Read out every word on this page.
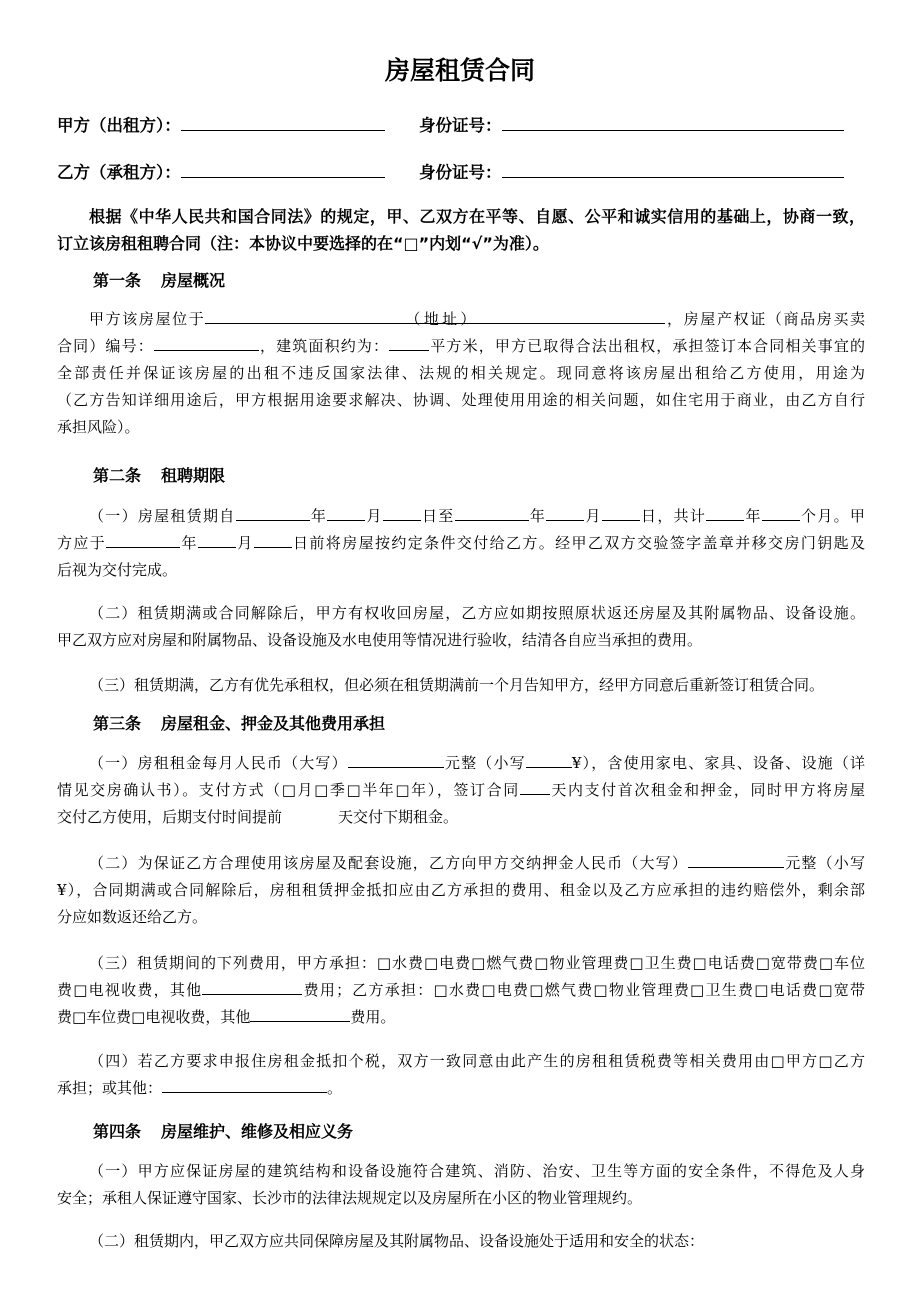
房屋租赁合同
甲方（出租方）：	身份证号：
乙方（承租方）：	身份证号：
根据《中华人民共和国合同法》的规定，甲、乙双方在平等、自愿、公平和诚实信用的基础上，协商一致，
订立该房租租聘合同（注：本协议中要选择的在“□”内划“√”为准）。
第一条 房屋概况
甲方该房屋位于	（地址）	，房屋产权证（商品房买卖
合同）编号：	，建筑面积约为：	平方米，甲方已取得合法出租权，承担签订本合同相关事宜的
全部责任并保证该房屋的出租不违反国家法律、法规的相关规定。现同意将该房屋出租给乙方使用，用途为
（乙方告知详细用途后，甲方根据用途要求解决、协调、处理使用用途的相关问题，如住宅用于商业，由乙方自行
承担风险）。
第二条 租聘期限
（一）房屋租赁期自	年	月	日至	年	月	日，共计	年	个月。甲
方应于	年	月	日前将房屋按约定条件交付给乙方。经甲乙双方交验签字盖章并移交房门钥匙及
后视为交付完成。
（二）租赁期满或合同解除后，甲方有权收回房屋，乙方应如期按照原状返还房屋及其附属物品、设备设施。
甲乙双方应对房屋和附属物品、设备设施及水电使用等情况进行验收，结清各自应当承担的费用。
（三）租赁期满，乙方有优先承租权，但必须在租赁期满前一个月告知甲方，经甲方同意后重新签订租赁合同。
第三条 房屋租金、押金及其他费用承担
（一）房租租金每月人民币（大写）	元整（小写	¥），含使用家电、家具、设备、设施（详
情见交房确认书）。支付方式（□月□季□半年□年），签订合同 天内支付首次租金和押金，同时甲方将房屋
交付乙方使用，后期支付时间提前	天交付下期租金。
（二）为保证乙方合理使用该房屋及配套设施，乙方向甲方交纳押金人民币（大写）	元整（小写
¥），合同期满或合同解除后，房租租赁押金抵扣应由乙方承担的费用、租金以及乙方应承担的违约赔偿外，剩余部
分应如数返还给乙方。
（三）租赁期间的下列费用，甲方承担：□水费□电费□燃气费□物业管理费□卫生费□电话费□宽带费□车位
费□电视收费，其他	费用；乙方承担：□水费□电费□燃气费□物业管理费□卫生费□电话费□宽带
费□车位费□电视收费，其他	费用。
（四）若乙方要求申报住房租金抵扣个税，双方一致同意由此产生的房租租赁税费等相关费用由□甲方□乙方
承担；或其他：	。
第四条 房屋维护、维修及相应义务
（一）甲方应保证房屋的建筑结构和设备设施符合建筑、消防、治安、卫生等方面的安全条件，不得危及人身
安全；承租人保证遵守国家、长沙市的法律法规规定以及房屋所在小区的物业管理规约。
（二）租赁期内，甲乙双方应共同保障房屋及其附属物品、设备设施处于适用和安全的状态：
